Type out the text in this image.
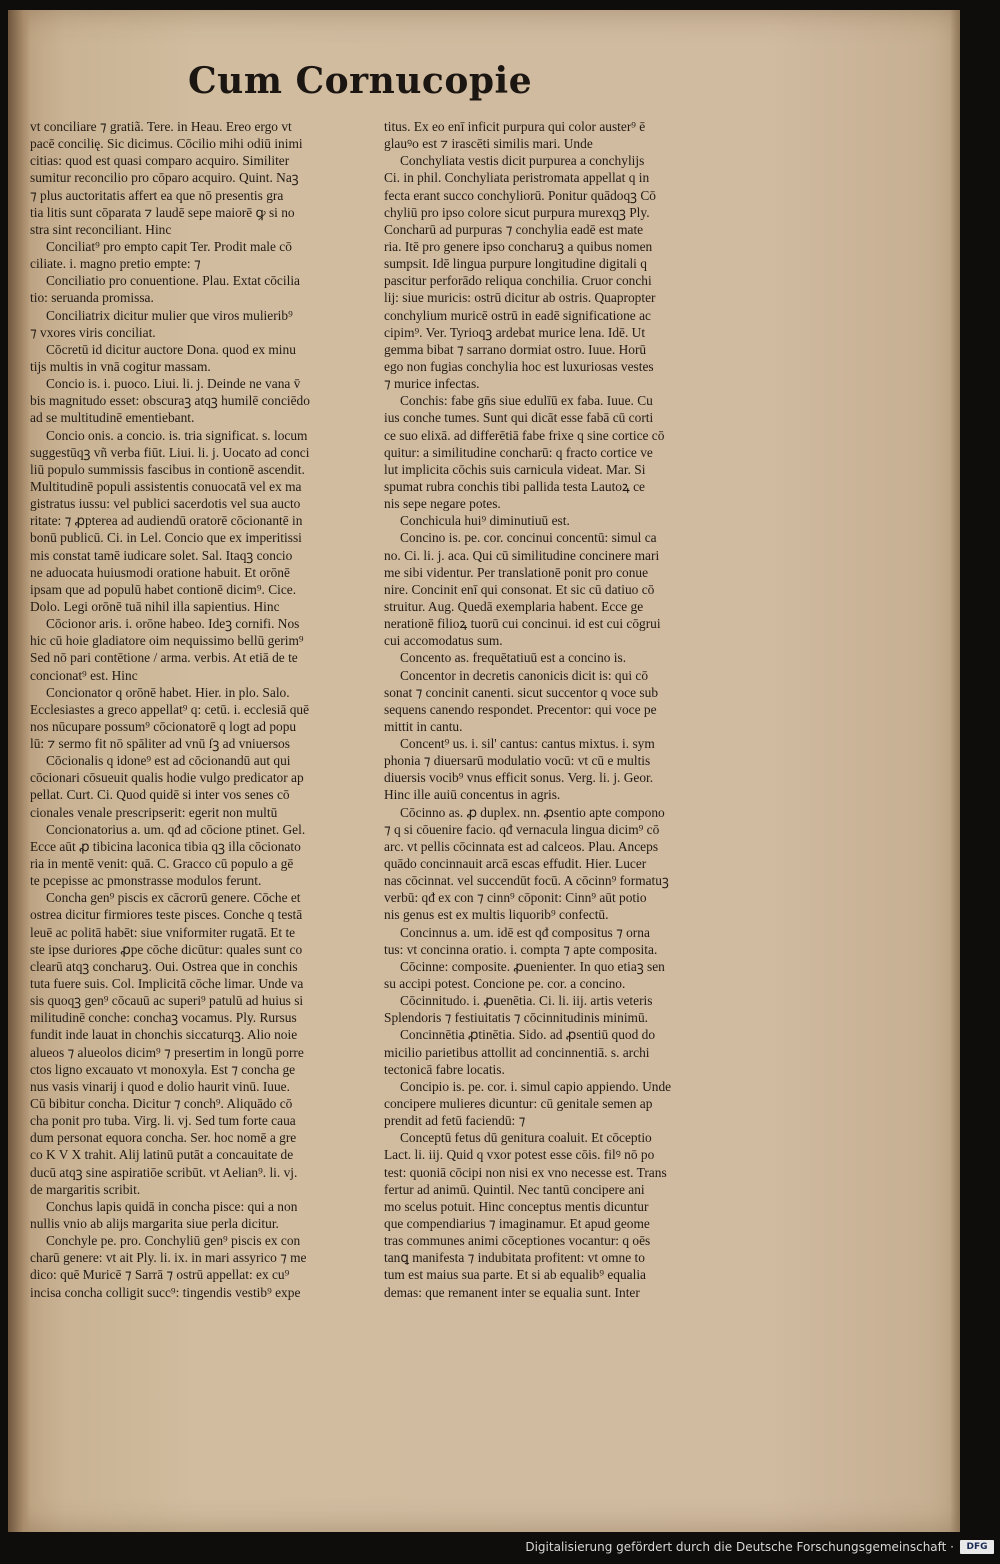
Cum Cornucopie
vt conciliare ⁊ gratiã. Tere. in Heau. Ereo ergo vt
pacē concilię. Sic dicimus. Cōcilio mihi odiū inimi
citias: quod est quasi comparo acquiro. Similiter
sumitur reconcilio pro cōparo acquiro. Quint. Naꝫ
⁊ plus auctoritatis affert ea que nō presentis gra
tia litis sunt cōparata ⁊ laudē sepe maiorē ꝙ si no
stra sint reconciliant. Hinc
Conciliat⁹ pro empto capit Ter. Prodit male cō
ciliate. i. magno pretio empte: ⁊
Conciliatio pro conuentione. Plau. Extat cōcilia
tio: seruanda promissa.
Conciliatrix dicitur mulier que viros mulierib⁹
⁊ vxores viris conciliat.
Cōcretū id dicitur auctore Dona. quod ex minu
tijs multis in vnā cogitur massam.
Concio is. i. puoco. Liui. li. j. Deinde ne vana v̄
bis magnitudo esset: obscuraꝫ atqꝫ humilē conciēdo
ad se multitudinē ementiebant.
Concio onis. a concio. is. tria significat. s. locum
suggestūqꝫ vñ verba fiūt. Liui. li. j. Uocato ad conci
liū populo summissis fascibus in contionē ascendit.
Multitudinē populi assistentis conuocatā vel ex ma
gistratus iussu: vel publici sacerdotis vel sua aucto
ritate: ⁊ ꝓpterea ad audiendū oratorē cōcionantē in
bonū publicū. Ci. in Lel. Concio que ex imperitissi
mis constat tamē iudicare solet. Sal. Itaqꝫ concio
ne aduocata huiusmodi oratione habuit. Et orōnē
ipsam que ad populū habet contionē dicim⁹. Cice.
Dolo. Legi orōnē tuā nihil illa sapientius. Hinc
Cōcionor aris. i. orōne habeo. Ideꝫ cornifi. Nos
hic cū hoie gladiatore oim nequissimo bellū gerim⁹
Sed nō pari contētione / arma. verbis. At etiā de te
concionat⁹ est. Hinc
Concionator q orōnē habet. Hier. in plo. Salo.
Ecclesiastes a greco appellat⁹ q: cetū. i. ecclesiā quē
nos nūcupare possum⁹ cōcionatorē q logt ad popu
lū: ⁊ sermo fit nō spāliter ad vnū ſꝫ ad vniuersos
Cōcionalis q idone⁹ est ad cōcionandū aut qui
cōcionari cōsueuit qualis hodie vulgo predicator ap
pellat. Curt. Ci. Quod quidē si inter vos senes cō
cionales venale prescripserit: egerit non multū
Concionatorius a. um. qđ ad cōcione ptinet. Gel.
Ecce aūt ꝓ tibicina laconica tibia qꝫ illa cōcionato
ria in mentē venit: quā. C. Gracco cū populo a gē
te pcepisse ac pmonstrasse modulos ferunt.
Concha gen⁹ piscis ex cācrorū genere. Cōche et
ostrea dicitur firmiores teste pisces. Conche q testā
leuē ac politā habēt: siue vniformiter rugatā. Et te
ste ipse duriores ꝓpe cōche dicūtur: quales sunt co
clearū atqꝫ concharuꝫ. Oui. Ostrea que in conchis
tuta fuere suis. Col. Implicitā cōche limar. Unde va
sis quoqꝫ gen⁹ cōcauū ac superi⁹ patulū ad huius si
militudinē conche: conchaꝫ vocamus. Ply. Rursus
fundit inde lauat in chonchis siccaturqꝫ. Alio noie
alueos ⁊ alueolos dicim⁹ ⁊ presertim in longū porre
ctos ligno excauato vt monoxyla. Est ⁊ concha ge
nus vasis vinarij i quod e dolio haurit vinū. Iuue.
Cū bibitur concha. Dicitur ⁊ conch⁹. Aliquādo cō
cha ponit pro tuba. Virg. li. vj. Sed tum forte caua
dum personat equora concha. Ser. hoc nomē a gre
co K V X trahit. Alij latinū putāt a concauitate de
ducū atqꝫ sine aspiratiōe scribūt. vt Aelian⁹. li. vj.
de margaritis scribit.
Conchus lapis quidā in concha pisce: qui a non
nullis vnio ab alijs margarita siue perla dicitur.
Conchyle pe. pro. Conchyliū gen⁹ piscis ex con
charū genere: vt ait Ply. li. ix. in mari assyrico ⁊ me
dico: quē Muricē ⁊ Sarrā ⁊ ostrū appellat: ex cu⁹
incisa concha colligit succ⁹: tingendis vestib⁹ expe
titus. Ex eo enī inficit purpura qui color auster⁹ ē
glauꝰo est ⁊ irascēti similis mari. Unde
Conchyliata vestis dicit purpurea a conchylijs
Ci. in phil. Conchyliata peristromata appellat q in
fecta erant succo conchyliorū. Ponitur quādoqꝫ Cō
chyliū pro ipso colore sicut purpura murexqꝫ Ply.
Concharū ad purpuras ⁊ conchylia eadē est mate
ria. Itē pro genere ipso concharuꝫ a quibus nomen
sumpsit. Idē lingua purpure longitudine digitali q
pascitur perforādo reliqua conchilia. Cruor conchi
lij: siue muricis: ostrū dicitur ab ostris. Quapropter
conchylium muricē ostrū in eadē significatione ac
cipim⁹. Ver. Tyrioqꝫ ardebat murice lena. Idē. Ut
gemma bibat ⁊ sarrano dormiat ostro. Iuue. Horū
ego non fugias conchylia hoc est luxuriosas vestes
⁊ murice infectas.
Conchis: fabe gn̄s siue edulīū ex faba. Iuue. Cu
ius conche tumes. Sunt qui dicāt esse fabā cū corti
ce suo elixā. ad differētiā fabe frixe q sine cortice cō
quitur: a similitudine concharū: q fracto cortice ve
lut implicita cōchis suis carnicula videat. Mar. Si
spumat rubra conchis tibi pallida testa Lautoꝝ ce
nis sepe negare potes.
Conchicula hui⁹ diminutiuū est.
Concino is. pe. cor. concinui concentū: simul ca
no. Ci. li. j. aca. Qui cū similitudine concinere mari
me sibi videntur. Per translationē ponit pro conue
nire. Concinit enī qui consonat. Et sic cū datiuo cō
struitur. Aug. Quedā exemplaria habent. Ecce ge
nerationē filioꝝ tuorū cui concinui. id est cui cōgrui
cui accomodatus sum.
Concento as. frequētatiuū est a concino is.
Concentor in decretis canonicis dicit is: qui cō
sonat ⁊ concinit canenti. sicut succentor q voce sub
sequens canendo respondet. Precentor: qui voce pe
mittit in cantu.
Concent⁹ us. i. sil' cantus: cantus mixtus. i. sym
phonia ⁊ diuersarū modulatio vocū: vt cū e multis
diuersis vocib⁹ vnus efficit sonus. Verg. li. j. Geor.
Hinc ille auiū concentus in agris.
Cōcinno as. ꝓ duplex. nn. ꝓsentio apte compono
⁊ q si cōuenire facio. qđ vernacula lingua dicim⁹ cō
arc. vt pellis cōcinnata est ad calceos. Plau. Anceps
quādo concinnauit arcā escas effudit. Hier. Lucer
nas cōcinnat. vel succendūt focū. A cōcinn⁹ formatuꝫ
verbū: qđ ex con ⁊ cinn⁹ cōponit: Cinn⁹ aūt potio
nis genus est ex multis liquorib⁹ confectū.
Concinnus a. um. idē est qđ compositus ⁊ orna
tus: vt concinna oratio. i. compta ⁊ apte composita.
Cōcinne: composite. ꝓuenienter. In quo etiaꝫ sen
su accipi potest. Concione pe. cor. a concino.
Cōcinnitudo. i. ꝓuenētia. Ci. li. iij. artis veteris
Splendoris ⁊ festiuitatis ⁊ cōcinnitudinis minimū.
Concinnētia ꝓtinētia. Sido. ad ꝓsentiū quod do
micilio parietibus attollit ad concinnentiā. s. archi
tectonicā fabre locatis.
Concipio is. pe. cor. i. simul capio appiendo. Unde
concipere mulieres dicuntur: cū genitale semen ap
prendit ad fetū faciendū: ⁊
Conceptū fetus dū genitura coaluit. Et cōceptio
Lact. li. iij. Quid q vxor potest esse cōis. filꝰ nō po
test: quoniā cōcipi non nisi ex vno necesse est. Trans
fertur ad animū. Quintil. Nec tantū concipere ani
mo scelus potuit. Hinc conceptus mentis dicuntur
que compendiarius ⁊ imaginamur. Et apud geome
tras communes animi cōceptiones vocantur: q oēs
tanꝗ manifesta ⁊ indubitata profitent: vt omne to
tum est maius sua parte. Et si ab equalib⁹ equalia
demas: que remanent inter se equalia sunt. Inter
Digitalisierung gefördert durch die Deutsche Forschungsgemeinschaft ·	DFG
